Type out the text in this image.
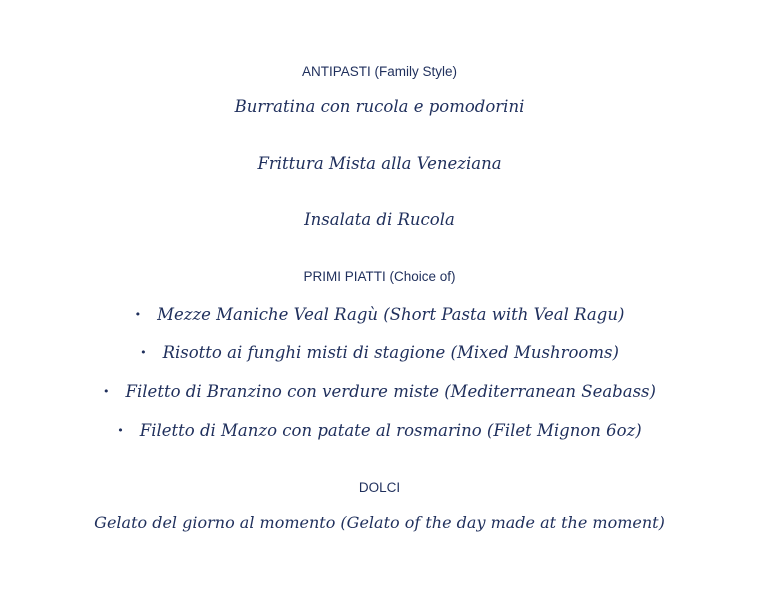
ANTIPASTI (Family Style)
Burratina con rucola e pomodorini
Frittura Mista alla Veneziana
Insalata di Rucola
PRIMI PIATTI (Choice of)
• Mezze Maniche Veal Ragù (Short Pasta with Veal Ragu)
• Risotto ai funghi misti di stagione (Mixed Mushrooms)
• Filetto di Branzino con verdure miste (Mediterranean Seabass)
• Filetto di Manzo con patate al rosmarino (Filet Mignon 6oz)
DOLCI
Gelato del giorno al momento (Gelato of the day made at the moment)
